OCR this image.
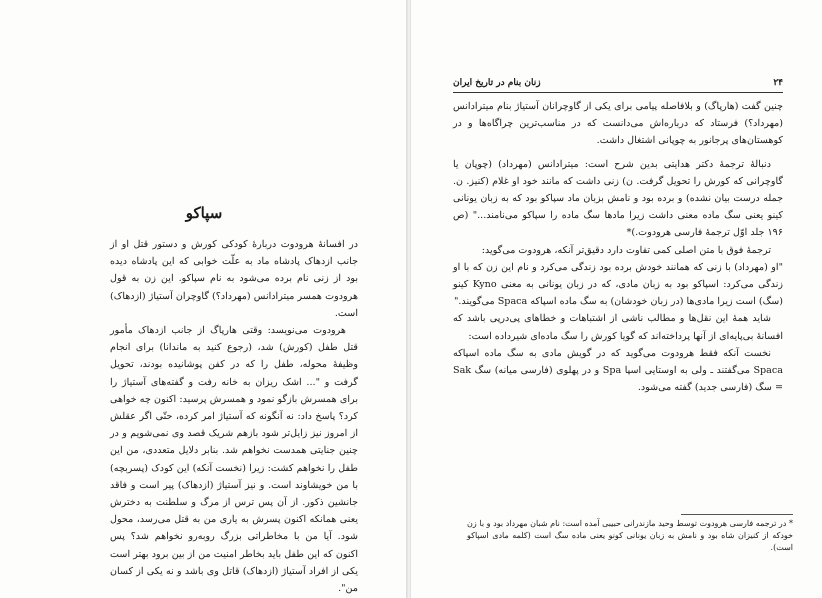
سپاکو

در افسانهٔ هرودوت دربارهٔ کودکی کورش و دستور قتل او از جانب ازدهاک پادشاه ماد به علّت خوابی که این پادشاه دیده بود از زنی نام برده می‌شود به نام سپاکو. این زن به قول هرودوت همسر میترادانس (مهرداد؟) گاوچران آستیاژ (ازدهاک) است.

هرودوت می‌نویسد: وقتی هارپاگ از جانب ازدهاک مأمور قتل طفل (کورش) شد، (رجوع کنید به ماندانا) برای انجام وظیفهٔ محوله، طفل را که در کفن پوشانیده بودند، تحویل گرفت و "... اشک ریزان به خانه رفت و گفته‌های آستیاژ را برای همسرش بازگو نمود و همسرش پرسید: اکنون چه خواهی کرد؟ پاسخ داد: نه آنگونه که آستیاژ امر کرده، حتّی اگر عقلش از امروز نیز زایل‌تر شود بازهم شریک قصد وی نمی‌شویم و در چنین جنایتی همدست نخواهم شد. بنابر دلایل متعددی، من این طفل را نخواهم کشت: زیرا (نخست آنکه) این کودک (پسربچه) با من خویشاوند است. و نیز آستیاژ (ازدهاک) پیر است و فاقد جانشین ذکور. از آن پس ترس از مرگ و سلطنت به دخترش یعنی همانکه اکنون پسرش به یاری من به قتل می‌رسد، محول شود. آیا من با مخاطراتی بزرگ روبه‌رو نخواهم شد؟ پس اکنون که این طفل باید بخاطر امنیت من از بین برود بهتر است یکی از افراد آستیاژ (ازدهاک) قاتل وی باشد و نه یکی از کسان من".

۲۴
زنان بنام در تاریخ ایران

چنین گفت (هارپاگ) و بلافاصله پیامی برای یکی از گاوچرانان آستیاژ بنام میترادانس (مهرداد؟) فرستاد که درباره‌اش می‌دانست که در مناسب‌ترین چراگاه‌ها و در کوهستان‌های پرجانور به چوپانی اشتغال داشت.

دنبالهٔ ترجمهٔ دکتر هدایتی بدین شرح است: میترادانس (مهرداد) (چوپان یا گاوچرانی که کورش را تحویل گرفت. ن) زنی داشت که مانند خود او غلام (کنیز. ن. جمله درست بیان نشده) و برده بود و نامش بزبان ماد سپاکو بود که به زبان یونانی کینو یعنی سگ ماده معنی داشت زیرا مادها سگ ماده را سپاکو می‌نامند..." (ص ۱۹۶ جلد اوّل ترجمهٔ فارسی هرودوت.)*

ترجمهٔ فوق با متن اصلی کمی تفاوت دارد دقیق‌تر آنکه، هرودوت می‌گوید:

"او (مهرداد) با زنی که همانند خودش برده بود زندگی می‌کرد و نام این زن که با او زندگی می‌کرد: اسپاکو بود به زبان مادی، که در زبان یونانی به معنی Kyno کینو (سگ) است زیرا مادی‌ها (در زبان خودشان) به سگ ماده اسپاکه Spaca می‌گویند."

شاید همهٔ این نقل‌ها و مطالب ناشی از اشتباهات و خطاهای پی‌درپی باشد که افسانهٔ بی‌پایه‌ای از آنها پرداخته‌اند که گویا کورش را سگ ماده‌ای شیرداده است:

نخست آنکه فقط هرودوت می‌گوید که در گویش مادی به سگ ماده اسپاکه Spaca می‌گفتند ـ ولی به اوستایی اسپا Spa و در پهلوی (فارسی میانه) سگ Sak = سگ (فارسی جدید) گفته می‌شود.

* در ترجمه فارسی هرودوت توسط وحید مازندرانی حبیبی آمده است: نام شبان مهرداد بود و با زن خودکه از کنیزان شاه بود و نامش به زبان یونانی کونو یعنی ماده سگ است (کلمه مادی اسپاکو است).
